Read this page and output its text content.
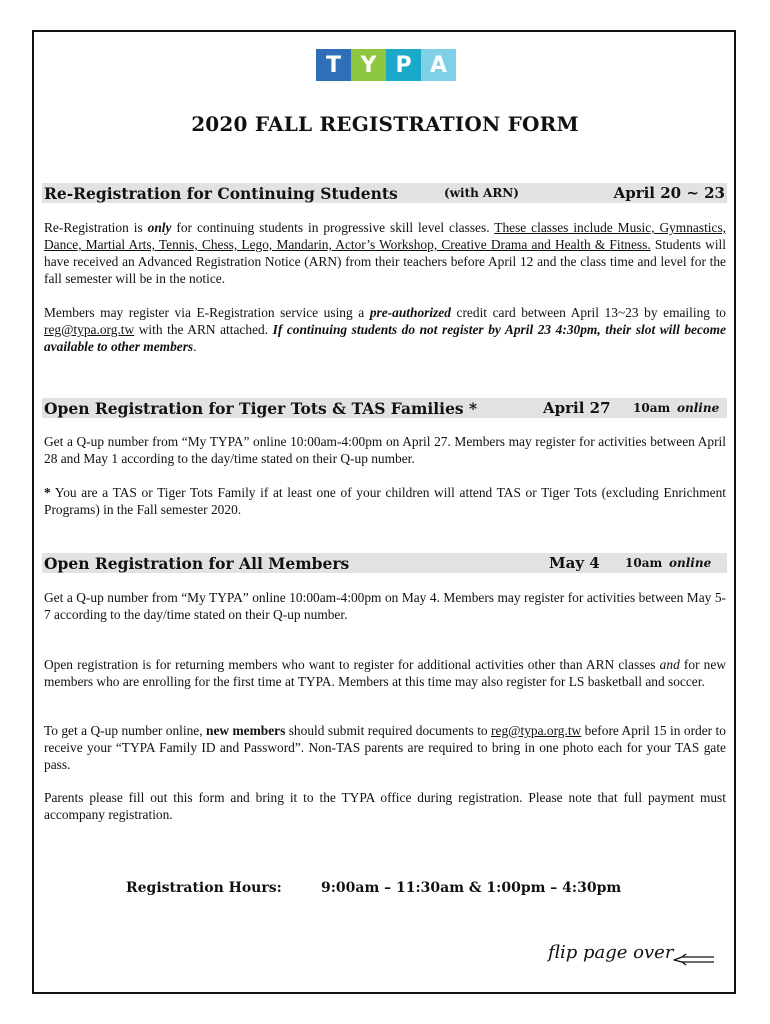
T Y P A
2020 FALL REGISTRATION FORM
Re-Registration for Continuing Students	(with ARN)	April 20 ~ 23

Re-Registration is only for continuing students in progressive skill level classes. These classes include Music, Gymnastics, Dance, Martial Arts, Tennis, Chess, Lego, Mandarin, Actor’s Workshop, Creative Drama and Health & Fitness. Students will have received an Advanced Registration Notice (ARN) from their teachers before April 12 and the class time and level for the fall semester will be in the notice.

Members may register via E-Registration service using a pre-authorized credit card between April 13~23 by emailing to reg@typa.org.tw with the ARN attached. If continuing students do not register by April 23 4:30pm, their slot will become available to other members.

Open Registration for Tiger Tots & TAS Families *	April 27 10am online

Get a Q-up number from “My TYPA” online 10:00am-4:00pm on April 27. Members may register for activities between April 28 and May 1 according to the day/time stated on their Q-up number.

* You are a TAS or Tiger Tots Family if at least one of your children will attend TAS or Tiger Tots (excluding Enrichment Programs) in the Fall semester 2020.

Open Registration for All Members	May 4 10am online

Get a Q-up number from “My TYPA” online 10:00am-4:00pm on May 4. Members may register for activities between May 5-7 according to the day/time stated on their Q-up number.

Open registration is for returning members who want to register for additional activities other than ARN classes and for new members who are enrolling for the first time at TYPA. Members at this time may also register for LS basketball and soccer.

To get a Q-up number online, new members should submit required documents to reg@typa.org.tw before April 15 in order to receive your “TYPA Family ID and Password”. Non-TAS parents are required to bring in one photo each for your TAS gate pass.

Parents please fill out this form and bring it to the TYPA office during registration. Please note that full payment must accompany registration.

Registration Hours:	9:00am – 11:30am & 1:00pm – 4:30pm
flip page over
